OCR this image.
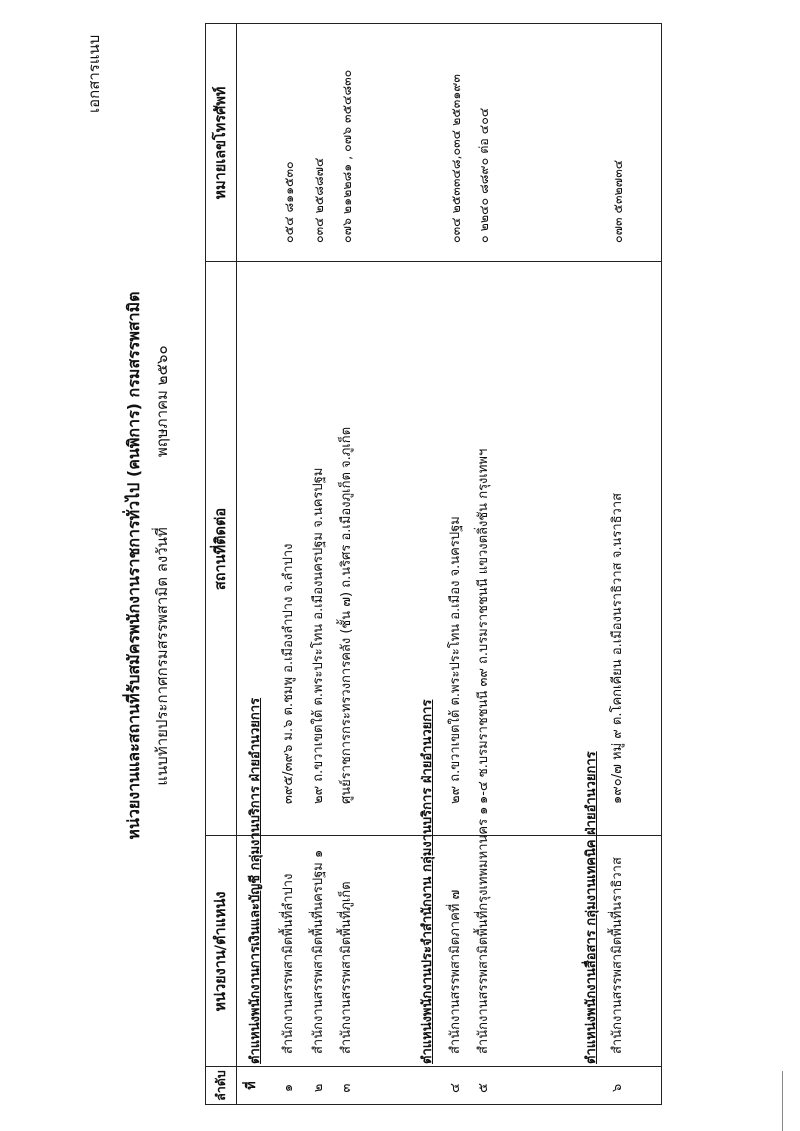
เอกสารแนบ
หน่วยงานและสถานที่รับสมัครพนักงานราชการทั่วไป (คนพิการ) กรมสรรพสามิต แนบท้ายประกาศกรมสรรพสามิต ลงวันที่พฤษภาคม ๒๕๖๐
ลำดับที่
หน่วยงาน/ตำแหน่ง
สถานที่ติดต่อ
หมายเลขโทรศัพท์
ตำแหน่งพนักงานการเงินและบัญชี กลุ่มงานบริการ ฝ่ายอำนวยการ
๑
สำนักงานสรรพสามิตพื้นที่ลำปาง
๓๙๕/๓๙๖ ม.๖ ต.ชมพู อ.เมืองลำปาง จ.ลำปาง
๐๕๔ ๘๑๑๕๓๐
๒
สำนักงานสรรพสามิตพื้นที่นครปฐม ๑
๒๙ ถ.ขวาเขตใต้ ต.พระประโทน อ.เมืองนครปฐม จ.นครปฐม
๐๓๔ ๒๕๘๘๗๔
๓
สำนักงานสรรพสามิตพื้นที่ภูเก็ต
ศูนย์ราชการกระทรวงการคลัง (ชั้น ๗) ถ.นริศร อ.เมืองภูเก็ต จ.ภูเก็ต
๐๗๖ ๒๑๒๒๘๑ , ๐๗๖ ๓๕๔๘๓๐
ตำแหน่งพนักงานประจำสำนักงาน กลุ่มงานบริการ ฝ่ายอำนวยการ
๔
สำนักงานสรรพสามิตภาคที่ ๗
๒๙ ถ.ขวาเขตใต้ ต.พระประโทน อ.เมือง จ.นครปฐม
๐๓๔ ๒๕๓๓๔๘,๐๓๔ ๒๕๓๑๙๓
๕
สำนักงานสรรพสามิตพื้นที่กรุงเทพมหานคร ๑
๑-๔ ซ.บรมราชชนนี ๓๙ ถ.บรมราชชนนี แขวงตลิ่งชัน กรุงเทพฯ
๐ ๒๒๔๐ ๘๘๙๐ ต่อ ๔๐๔
ตำแหน่งพนักงานสื่อสาร กลุ่มงานเทคนิค ฝ่ายอำนวยการ
๖
สำนักงานสรรพสามิตพื้นที่นราธิวาส
๑๙๐/๗ หมู่ ๙ ต.โคกเคียน อ.เมืองนราธิวาส จ.นราธิวาส
๐๗๓ ๕๓๒๗๓๔
